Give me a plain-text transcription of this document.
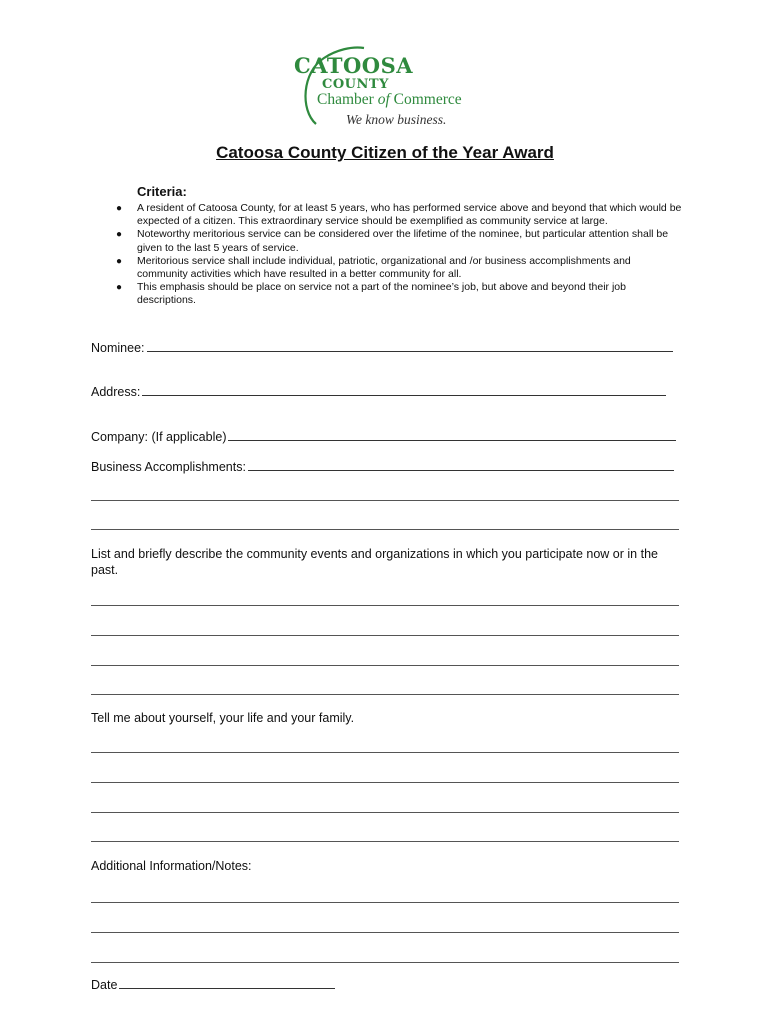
CATOOSA
COUNTY
Chamber of Commerce
We know business.
Catoosa County Citizen of the Year Award
Criteria:
● A resident of Catoosa County, for at least 5 years, who has performed service above and beyond that which would be expected of a citizen. This extraordinary service should be exemplified as community service at large.
● Noteworthy meritorious service can be considered over the lifetime of the nominee, but particular attention shall be given to the last 5 years of service.
● Meritorious service shall include individual, patriotic, organizational and /or business accomplishments and community activities which have resulted in a better community for all.
● This emphasis should be place on service not a part of the nominee’s job, but above and beyond their job descriptions.
Nominee:
Address:
Company: (If applicable)
Business Accomplishments:
List and briefly describe the community events and organizations in which you participate now or in the past.
Tell me about yourself, your life and your family.
Additional Information/Notes:
Date
